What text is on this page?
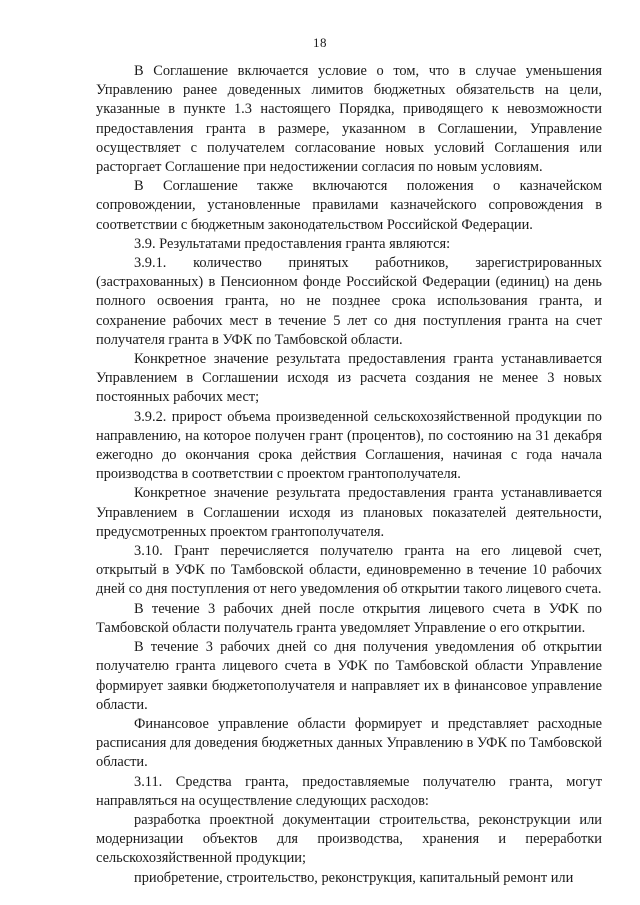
18

В Соглашение включается условие о том, что в случае уменьшения Управлению ранее доведенных лимитов бюджетных обязательств на цели, указанные в пункте 1.3 настоящего Порядка, приводящего к невозможности предоставления гранта в размере, указанном в Соглашении, Управление осуществляет с получателем согласование новых условий Соглашения или расторгает Соглашение при недостижении согласия по новым условиям.

В Соглашение также включаются положения о казначейском сопровождении, установленные правилами казначейского сопровождения в соответствии с бюджетным законодательством Российской Федерации.

3.9. Результатами предоставления гранта являются:

3.9.1. количество принятых работников, зарегистрированных (застрахованных) в Пенсионном фонде Российской Федерации (единиц) на день полного освоения гранта, но не позднее срока использования гранта, и сохранение рабочих мест в течение 5 лет со дня поступления гранта на счет получателя гранта в УФК по Тамбовской области.

Конкретное значение результата предоставления гранта устанавливается Управлением в Соглашении исходя из расчета создания не менее 3 новых постоянных рабочих мест;

3.9.2. прирост объема произведенной сельскохозяйственной продукции по направлению, на которое получен грант (процентов), по состоянию на 31 декабря ежегодно до окончания срока действия Соглашения, начиная с года начала производства в соответствии с проектом грантополучателя.

Конкретное значение результата предоставления гранта устанавливается Управлением в Соглашении исходя из плановых показателей деятельности, предусмотренных проектом грантополучателя.

3.10. Грант перечисляется получателю гранта на его лицевой счет, открытый в УФК по Тамбовской области, единовременно в течение 10 рабочих дней со дня поступления от него уведомления об открытии такого лицевого счета.

В течение 3 рабочих дней после открытия лицевого счета в УФК по Тамбовской области получатель гранта уведомляет Управление о его открытии.

В течение 3 рабочих дней со дня получения уведомления об открытии получателю гранта лицевого счета в УФК по Тамбовской области Управление формирует заявки бюджетополучателя и направляет их в финансовое управление области.

Финансовое управление области формирует и представляет расходные расписания для доведения бюджетных данных Управлению в УФК по Тамбовской области.

3.11. Средства гранта, предоставляемые получателю гранта, могут направляться на осуществление следующих расходов:

разработка проектной документации строительства, реконструкции или модернизации объектов для производства, хранения и переработки сельскохозяйственной продукции;

приобретение, строительство, реконструкция, капитальный ремонт или
